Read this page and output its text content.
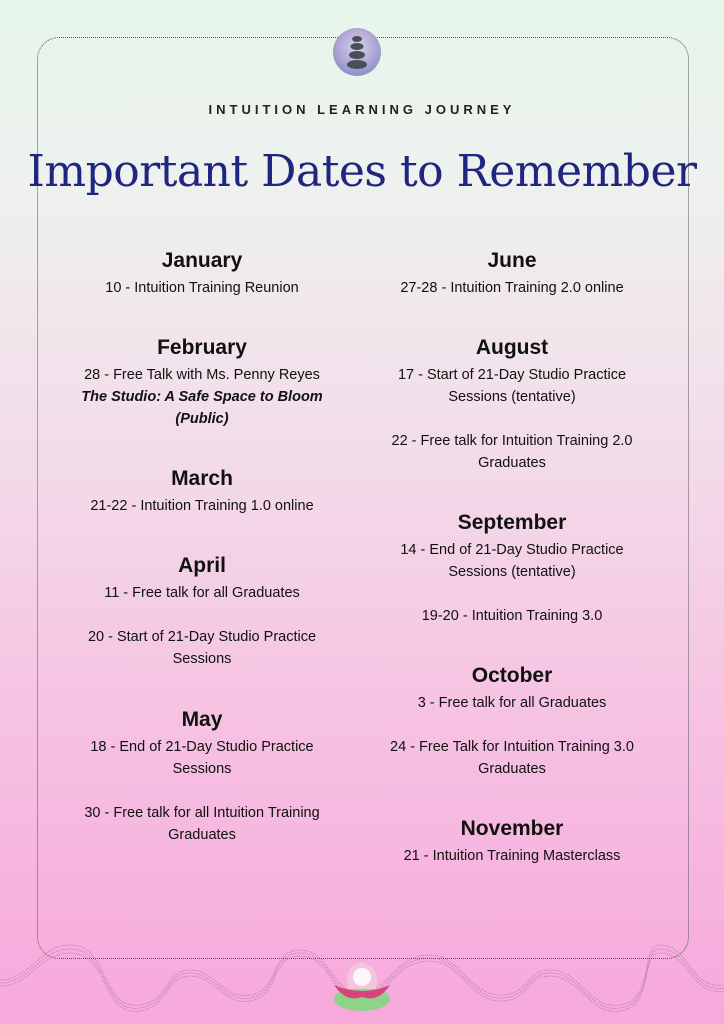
INTUITION LEARNING JOURNEY
Important Dates to Remember
January
10 - Intuition Training Reunion
February
28 - Free Talk with Ms. Penny Reyes
The Studio: A Safe Space to Bloom
(Public)
March
21-22 - Intuition Training 1.0 online
April
11 - Free talk for all Graduates
20 - Start of 21-Day Studio Practice
Sessions
May
18 - End of 21-Day Studio Practice
Sessions
30 - Free talk for all Intuition Training
Graduates
June
27-28 - Intuition Training 2.0 online
August
17 - Start of 21-Day Studio Practice
Sessions (tentative)
22 - Free talk for Intuition Training 2.0
Graduates
September
14 - End of 21-Day Studio Practice
Sessions (tentative)
19-20 - Intuition Training 3.0
October
3 - Free talk for all Graduates
24 - Free Talk for Intuition Training 3.0
Graduates
November
21 - Intuition Training Masterclass
